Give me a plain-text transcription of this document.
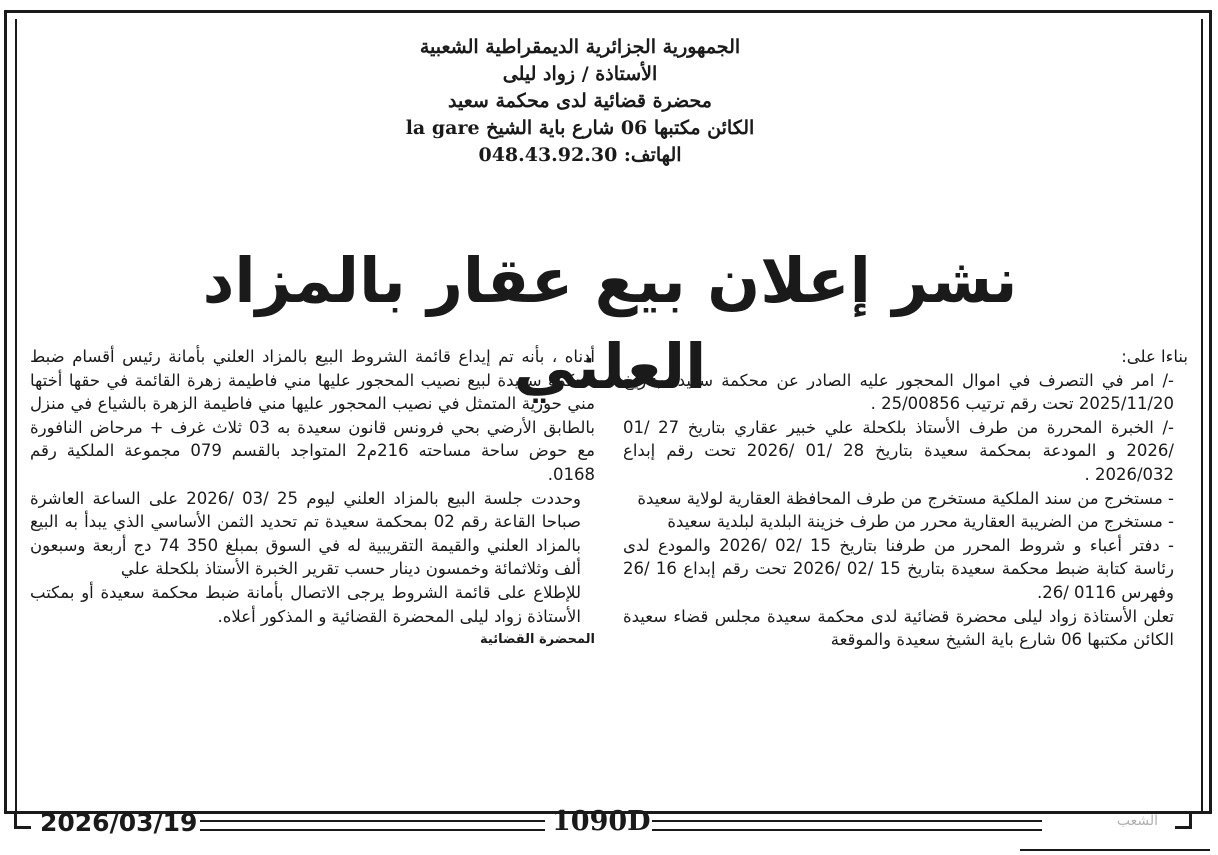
الجمهورية الجزائرية الديمقراطية الشعبية
الأستاذة / زواد ليلى
محضرة قضائية لدى محكمة سعيد
الكائن مكتبها 06 شارع باية الشيخ la gare
الهاتف: 048.43.92.30
نشر إعلان بيع عقار بالمزاد العلني	بناءا على:

-/ امر في التصرف في اموال المحجور عليه الصادر عن محكمة سعيدة بتاريخ 2025/11/20 تحت رقم ترتيب 25/00856 .

-/ الخبرة المحررة من طرف الأستاذ بلكحلة علي خبير عقاري بتاريخ 27 /01 /2026 و المودعة بمحكمة سعيدة بتاريخ 28 /01 /2026 تحت رقم إبداع 2026/032 .

- مستخرج من سند الملكية مستخرج من طرف المحافظة العقارية لولاية سعيدة

- مستخرج من الضريبة العقارية محرر من طرف خزينة البلدية لبلدية سعيدة

- دفتر أعباء و شروط المحرر من طرفنا بتاريخ 15 /02 /2026 والمودع لدى رئاسة كتابة ضبط محكمة سعيدة بتاريخ 15 /02 /2026 تحت رقم إبداع 16 /26 وفهرس 0116 /26.

تعلن الأستاذة زواد ليلى محضرة قضائية لدى محكمة سعيدة مجلس قضاء سعيدة الكائن مكتبها 06 شارع باية الشيخ سعيدة والموقعة

أدناه ، بأنه تم إيداع قائمة الشروط البيع بالمزاد العلني بأمانة رئيس أقسام ضبط محكمة سعيدة لبيع نصيب المحجور عليها مني فاطيمة زهرة القائمة في حقها أختها مني حورية المتمثل في نصيب المحجور عليها مني فاطيمة الزهرة بالشياع في منزل بالطابق الأرضي بحي فرونس قانون سعيدة به 03 ثلاث غرف + مرحاض النافورة مع حوض ساحة مساحته 216م2 المتواجد بالقسم 079 مجموعة الملكية رقم 0168.

وحددت جلسة البيع بالمزاد العلني ليوم 25 /03 /2026 على الساعة العاشرة صباحا القاعة رقم 02 بمحكمة سعيدة تم تحديد الثمن الأساسي الذي يبدأ به البيع بالمزاد العلني والقيمة التقريبية له في السوق بمبلغ 350 74 دج أربعة وسبعون ألف وثلاثمائة وخمسون دينار حسب تقرير الخبرة الأستاذ بلكحلة علي

للإطلاع على قائمة الشروط يرجى الاتصال بأمانة ضبط محكمة سعيدة أو بمكتب الأستاذة زواد ليلى المحضرة القضائية و المذكور أعلاه.

المحضرة القضائية

2026/03/19	1090D	الشعب
